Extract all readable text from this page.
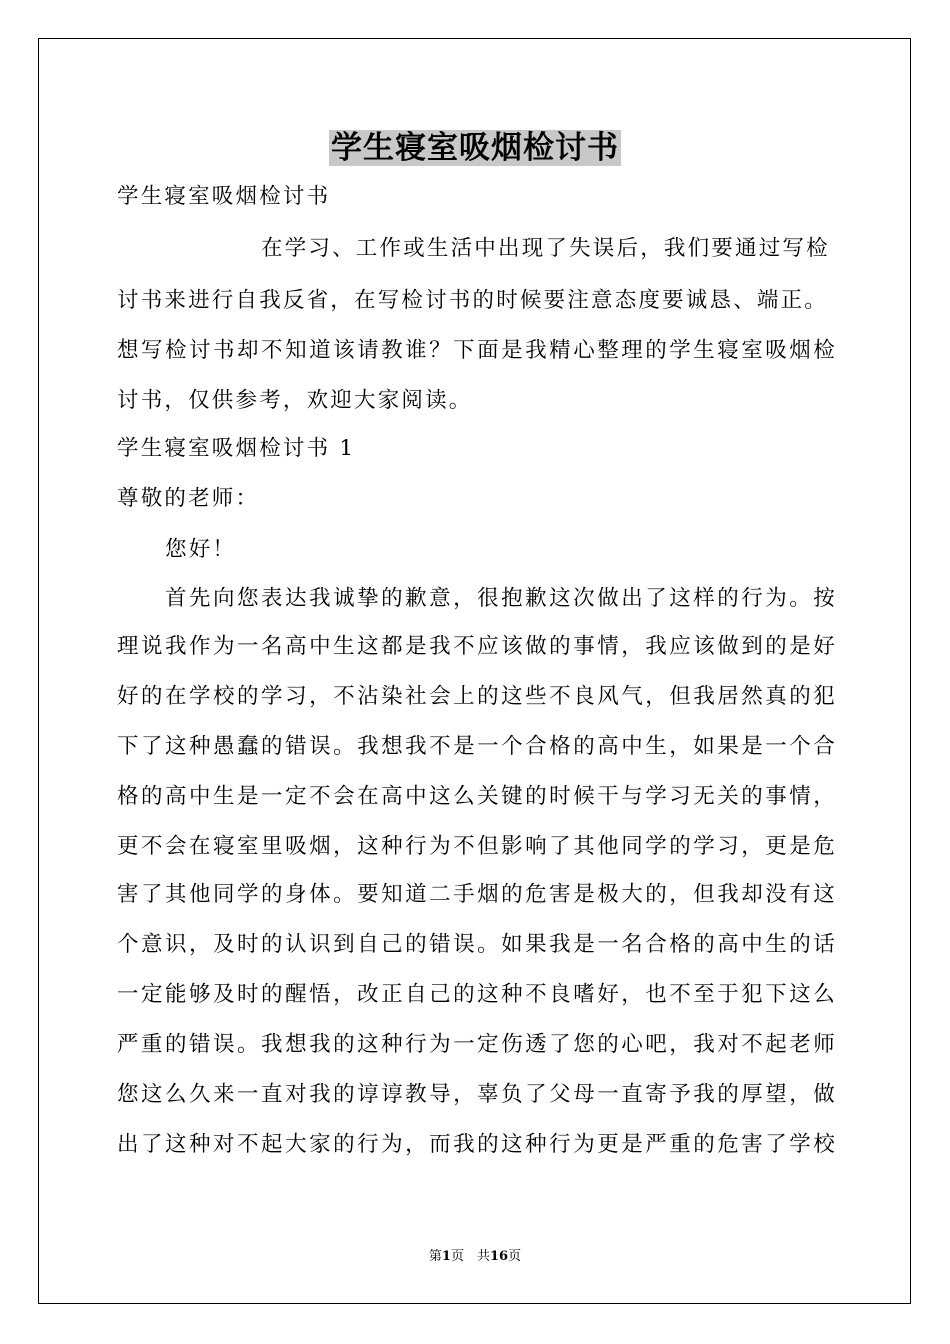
学生寝室吸烟检讨书
学生寝室吸烟检讨书
在学习、工作或生活中出现了失误后，我们要通过写检
讨书来进行自我反省，在写检讨书的时候要注意态度要诚恳、端正。
想写检讨书却不知道该请教谁？下面是我精心整理的学生寝室吸烟检
讨书，仅供参考，欢迎大家阅读。
学生寝室吸烟检讨书 1
尊敬的老师：
您好！
首先向您表达我诚挚的歉意，很抱歉这次做出了这样的行为。按
理说我作为一名高中生这都是我不应该做的事情，我应该做到的是好
好的在学校的学习，不沾染社会上的这些不良风气，但我居然真的犯
下了这种愚蠢的错误。我想我不是一个合格的高中生，如果是一个合
格的高中生是一定不会在高中这么关键的时候干与学习无关的事情，
更不会在寝室里吸烟，这种行为不但影响了其他同学的学习，更是危
害了其他同学的身体。要知道二手烟的危害是极大的，但我却没有这
个意识，及时的认识到自己的错误。如果我是一名合格的高中生的话
一定能够及时的醒悟，改正自己的这种不良嗜好，也不至于犯下这么
严重的错误。我想我的这种行为一定伤透了您的心吧，我对不起老师
您这么久来一直对我的谆谆教导，辜负了父母一直寄予我的厚望，做
出了这种对不起大家的行为，而我的这种行为更是严重的危害了学校
第1页　共16页
